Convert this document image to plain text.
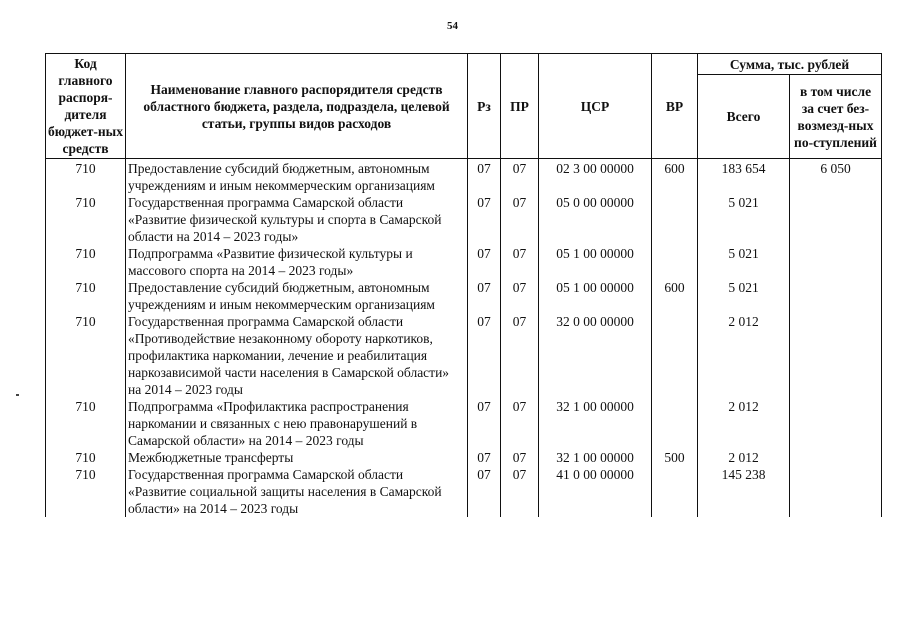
54
Код главного распоря-дителя бюджет-ных средств	Наименование главного распорядителя средств областного бюджета, раздела, подраздела, целевой статьи, группы видов расходов	Рз	ПР	ЦСР	ВР	Сумма, тыс. рублей	
						Всего	в том числе за счет без-возмезд-ных по-ступлений
710	Предоставление субсидий бюджетным, автономным учреждениям и иным некоммерческим организациям	07	07	02 3 00 00000	600	183 654	6 050
710	Государственная программа Самарской области «Развитие физической культуры и спорта в Самарской области на 2014 – 2023 годы»	07	07	05 0 00 00000		5 021	
710	Подпрограмма «Развитие физической культуры и массового спорта на 2014 – 2023 годы»	07	07	05 1 00 00000		5 021	
710	Предоставление субсидий бюджетным, автономным учреждениям и иным некоммерческим организациям	07	07	05 1 00 00000	600	5 021	
710	Государственная программа Самарской области «Противодействие незаконному обороту наркотиков, профилактика наркомании, лечение и реабилитация наркозависимой части населения в Самарской области» на 2014 – 2023 годы	07	07	32 0 00 00000		2 012	
710	Подпрограмма «Профилактика распространения наркомании и связанных с нею правонарушений в Самарской области» на 2014 – 2023 годы	07	07	32 1 00 00000		2 012	
710	Межбюджетные трансферты	07	07	32 1 00 00000	500	2 012	
710	Государственная программа Самарской области «Развитие социальной защиты населения в Самарской области» на 2014 – 2023 годы	07	07	41 0 00 00000		145 238	
